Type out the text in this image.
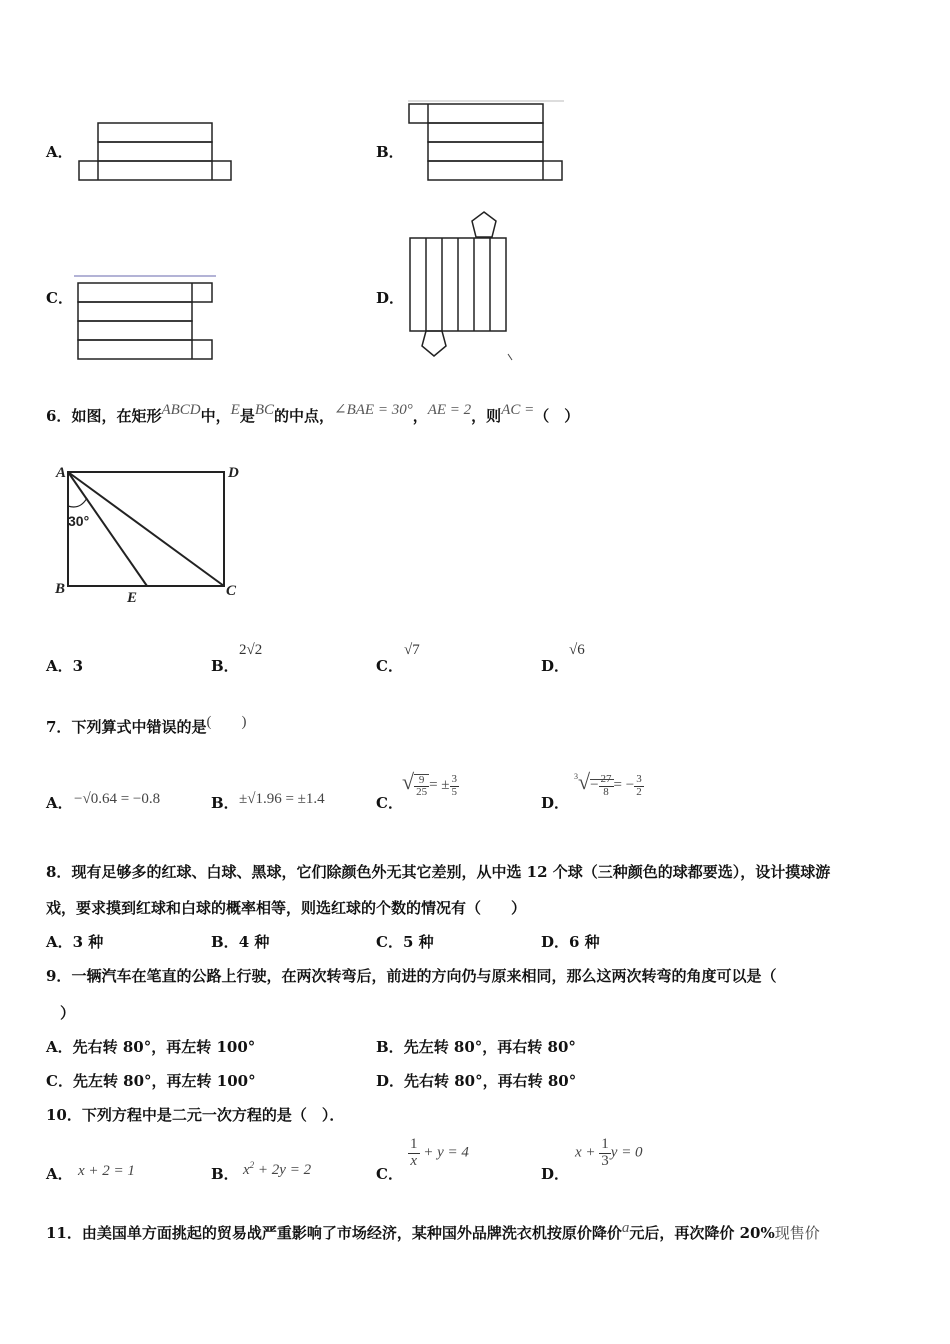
A．	B．
C．	D．
6．如图，在矩形ABCD中，E是BC的中点，∠BAE = 30°，AE = 2，则AC =（　）
A	D
B	C
E
30°
A．3	B．
2√2
C．
√7
D．
√6
7．下列算式中错误的是(　　)
A． −√0.64 = −0.8	B． ±√1.96 = ±1.4	C．
√ $\frac{9}{25}$ = ± $\frac{3}{5}$
D．
$^3√- \frac{27}{8}$ = − $\frac{3}{2}$
8．现有足够多的红球、白球、黑球，它们除颜色外无其它差别，从中选 12 个球（三种颜色的球都要选），设计摸球游
戏，要求摸到红球和白球的概率相等，则选红球的个数的情况有（　　）
A．3 种	B．4 种	C．5 种	D．6 种
9．一辆汽车在笔直的公路上行驶，在两次转弯后，前进的方向仍与原来相同，那么这两次转弯的角度可以是（
）
A．先右转 80°，再左转 100°	B．先左转 80°，再右转 80°
C．先左转 80°，再左转 100°	D．先右转 80°，再右转 80°
10．下列方程中是二元一次方程的是（　）．
A． x + 2 = 1	B． $x^2 + 2y = 2$	C．
$\frac{1}{x} + y = 4$
D．
$x + \frac{1}{3}$ y = 0
11．由美国单方面挑起的贸易战严重影响了市场经济，某种国外品牌洗衣机按原价降价a元后，再次降价 20%现售价
